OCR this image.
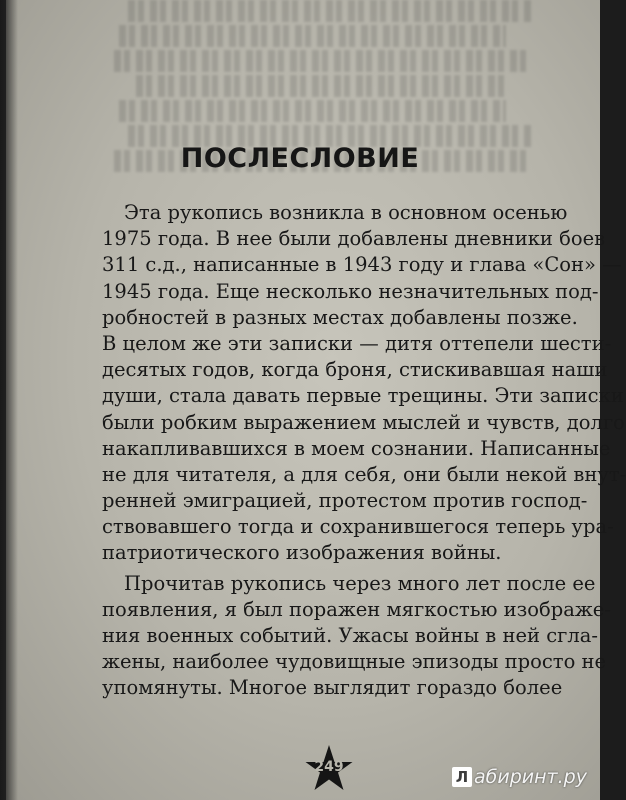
ПОСЛЕСЛОВИЕ
Эта рукопись возникла в основном осенью
1975 года. В нее были добавлены дневники боев
311 с.д., написанные в 1943 году и глава «Сон» —
1945 года. Еще несколько незначительных под-
робностей в разных местах добавлены позже.
В целом же эти записки — дитя оттепели шести-
десятых годов, когда броня, стискивавшая наши
души, стала давать первые трещины. Эти записки
были робким выражением мыслей и чувств, долго
накапливавшихся в моем сознании. Написанные
не для читателя, а для себя, они были некой внут-
ренней эмиграцией, протестом против господ-
ствовавшего тогда и сохранившегося теперь ура-
патриотического изображения войны.
Прочитав рукопись через много лет после ее
появления, я был поражен мягкостью изображе-
ния военных событий. Ужасы войны в ней сгла-
жены, наиболее чудовищные эпизоды просто не
упомянуты. Многое выглядит гораздо более
249
Л абиринт.ру
